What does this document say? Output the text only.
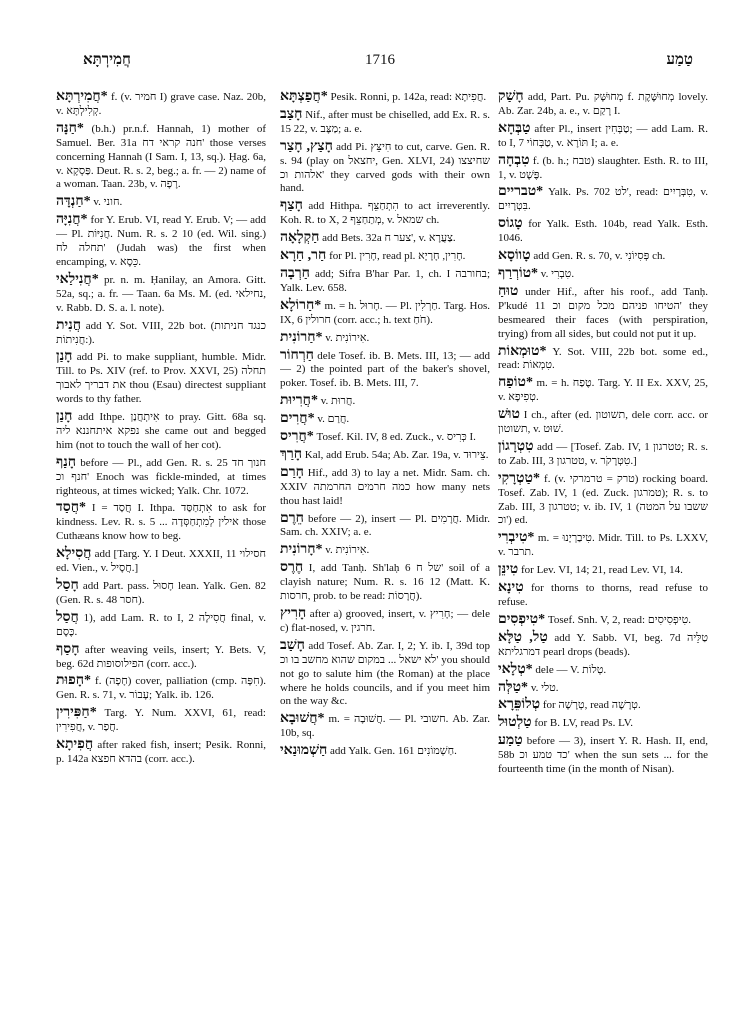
חֲמִירְתָּא	1716	טַמַע

*חֲמִירְתָּא f. (v. חמיר I) grave case. Naz. 20b, v. קְלִילְתָּא.

*חַנָּה (b.h.) pr.n.f. Hannah, 1) mother of Samuel. Ber. 31a חנה קראי דח' those verses concerning Hannah (I Sam. I, 13, sq.). Ḥag. 6a, v. פַּסְקָא. Deut. R. s. 2, beg.; a. fr. — 2) name of a woman. Taan. 23b, v. רָפָה.

*חַנְדָּה v. חוני.

*חֲנִיָּה for Y. Erub. VI, read Y. Erub. V; — add — Pl. חֲנִיּוֹת. Num. R. s. 2 10 (ed. Wil. sing.) תחלה לח' (Judah was) the first when encamping, v. כֵּסֶא.

*חֲנִילַאי pr. n. m. Ḥanilay, an Amora. Gitt. 52a, sq.; a. fr. — Taan. 6a Ms. M. (ed. נחילאי, v. Rabb. D. S. a. l. note).

חֲנִית add Y. Sot. VIII, 22b bot. (כנגד חניתות :חֲנִיתוֹת).

חָנַן add Pi. to make suppliant, humble. Midr. Till. to Ps. XIV (ref. to Prov. XXVI, 25) תחלה את דבריך לאבוך thou (Esau) directest suppliant words to thy father.

חָנַן add Ithpe. אִיתְחֲנַן to pray. Gitt. 68a sq. נפקא איתחננא ליה she came out and begged him (not to touch the wall of her cot).

חָנַף before — Pl., add Gen. R. s. 25 חנוך חד חנף וכ' Enoch was fickle-minded, at times righteous, at times wicked; Yalk. Chr. 1072.

*חֲסַד I = חֲסַד I. Ithpa. אִתְחַסַּד to ask for kindness. Lev. R. s. 5 ... אילין לְמִתְחַסְּדָה those Cuthæans know how to beg.

חֲסִילָא add [Targ. Y. I Deut. XXXII, 11 חסילוי ed. Vien., v. חֲסָיל.]

חָסַל add Part. pass. חָסוּל lean. Yalk. Gen. 82 (Gen. R. s. 48 חסר).

חֲסַל 1), add Lam. R. to I, 2 חֲסִילָה final, v. כֶּסֶם.

חָסַף after weaving veils, insert; Y. Bets. V, beg. 62d הפילוסופות (corr. acc.).

*חָפוּת f. (חָפָה) cover, palliation (cmp. חִפָּה). Gen. R. s. 71, v. עָבוֹר; Yalk. ib. 126.

*חַפִּירִין Targ. Y. Num. XXVI, 61, read: חֲפִירִין, v. חֲפַר.

חֲפִיתָא after raked fish, insert; Pesik. Ronni, p. 142a בהדא חפצא (corr. acc.).

*חֲפַצְתָּא Pesik. Ronni, p. 142a, read: חֲפִיתָא.

חָצַב Nif., after must be chiselled, add Ex. R. s. 15 22, v. מַצָּב; a. e.

חָצַץ, חָצַר add Pi. חִיצֵּץ to cut, carve. Gen. R. s. 94 (play on יחצאל, Gen. XLVI, 24) שחיצצו אלהות וכ' they carved gods with their own hand.

חָצַף add Hithpa. הִתְחַצֵּף to act irreverently. Koh. R. to X, 2 מְתַחַצֵּף, v. שמאל ch.

חַקְלָאָה add Bets. 32a צער ח', v. צַעֲרָא.

חַר, חַרָא for Pl. חָרִין, read pl. חָרִין, חָרָיָא.

חַרְבָה add; Sifra B'har Par. 1, ch. I בחורבה; Yalk. Lev. 658.

*חַרוֹלָא m. = h. חָרוּל. — Pl. חַרְלִין. Targ. Hos. IX, 6 חרולין (corr. acc.; h. text חֹחַ).

*חַרוֹנִית v. אִירוֹנִית.

חַרְחוֹר dele Tosef. ib. B. Mets. III, 13; — add — 2) the pointed part of the baker's shovel, poker. Tosef. ib. B. Mets. III, 7.

*חֲרִיוּת v. חֲרוּת.

*חֲרִים v. חֲרַם.

*חֲרִיס Tosef. Kil. IV, 8 ed. Zuck., v. כְּרִיס I.

חָרַךְ Kal, add Erub. 54a; Ab. Zar. 19a, v. צֵירוּד.

חָרַם Hif., add 3) to lay a net. Midr. Sam. ch. XXIV כמה חרמים החרמתה how many nets thou hast laid!

חֵרֶם before — 2), insert — Pl. חֲרָמִים. Midr. Sam. ch. XXIV; a. e.

*חָרוֹנִית v. אִירוֹנִית.

חֶרֶס I, add Tanḥ. Sh'laḥ 6 של ח' soil of a clayish nature; Num. R. s. 16 12 (Matt. K. חרסות, prob. to be read: חֲרָסוֹת).

חָרִיץ after a) grooved, insert, v. חָרִיץ; — dele c) flat-nosed, v. חרגין.

חָשַׁב add Tosef. Ab. Zar. I, 2; Y. ib. I, 39d top לא ישאל ... במקום שהוא מחשב בו וכ' you should not go to salute him (the Roman) at the place where he holds councils, and if you meet him on the way &c.

*חֲשׁוּבָא m. = חֲשׁוּבָה. — Pl. חשובי. Ab. Zar. 10b, sq.

חַשְׁמוּנַאי add Yalk. Gen. 161 חַשְׁמוֹנִים.

חָשַׁק add, Part. Pu. מְחוּשָּׁק f. מְחוּשֶּׁקֶת lovely. Ab. Zar. 24b, a. e., v. רָקַם I.

טַבְּחָא after Pl., insert טַבְּחִין; — add Lam. R. to I, 7 טַבְּחוֹי, v. תּוֹרָא I; a. e.

טִבְחָה f. (b. h.; טבח) slaughter. Esth. R. to III, 1, v. פֶּשֶׁט.

*טבריים Yalk. Ps. 702 לט', read: טִבְּרָיִים, v. בִּטְרָיִים.

טָגוֹס for Yalk. Esth. 104b, read Yalk. Esth. 1046.

טָווֹסָא add Gen. R. s. 70, v. פְּסִיוֹנִי ch.

*טוֹרְרַף v. טִבְרִי.

טוּחַ under Hif., after his roof., add Tanḥ. P'kudé 11 הטיחו פניהם מכל מקום וכ' they besmeared their faces (with perspiration, trying) from all sides, but could not put it up.

*טוּמְאוֹת Y. Sot. VIII, 22b bot. some ed., read: טִמְאוֹת.

*טוֹפַח m. = h. טֶפַח. Targ. Y. II Ex. XXV, 25, v. טְפִיפָא.

טוּשׁ I ch., after (ed. תשוטון, dele corr. acc. or תשוטון, v. שׁוּט.

טִטְרָגוֹן add — [Tosef. Zab. IV, 1 טטרגון; R. s. to Zab. III, 3 טטרגון, v. טִטְרָקֹר.]

*טַטְרָקִי f. (v. טרק = טרמרקי) rocking board. Tosef. Zab. IV, 1 (ed. Zuck. טמרגון); R. s. to Zab. III, 3 טטרגון; v. ib. IV, 1 (ששבו על המטה וכ') ed.

*טִיבְרִי m. = טִיבַרְיָנוּ. Midr. Till. to Ps. LXXV, v. תרבר.

טִינֵּן for Lev. VI, 14; 21, read Lev. VI, 14.

טִינָא for thorns to thorns, read refuse to refuse.

*טִיפְסִים Tosef. Snh. V, 2, read: טִיפְסִיסִים.

טַל, טַלָּא add Y. Sabb. VI, beg. 7d טַלֵּיה דמרגליתא pearl drops (beads).

*טְלָאי dele — V. טְלוֹת.

*טַלְּה v. טלי.

טְלוֹפֵּרָא for טְרָשָׁה, read טְרָשָׁה.

טַלְטוּל for B. LV, read Ps. LV.

טַמַע before — 3), insert Y. R. Hash. II, end, 58b כד טמע וכ' when the sun sets ... for the fourteenth time (in the month of Nisan).
